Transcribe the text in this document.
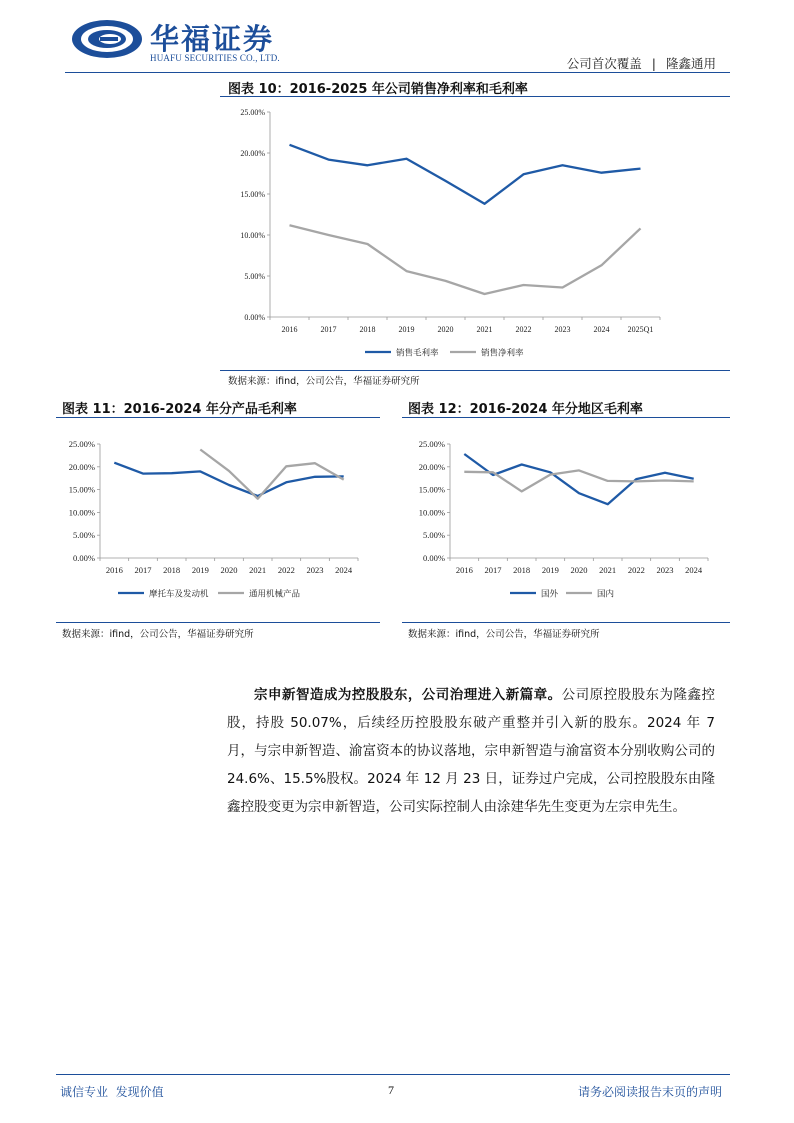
华福证券
HUAFU SECURITIES CO., LTD.	公司首次覆盖 | 隆鑫通用
图表 10：2016-2025 年公司销售净利率和毛利率
0.00%
5.00%
10.00%
15.00%
20.00%
25.00%
2016	2017	2018	2019	2020	2021	2022	2023	2024 2025Q1
销售毛利率	销售净利率
数据来源：ifind，公司公告，华福证券研究所
图表 11：2016-2024 年分产品毛利率
0.00%
5.00%
10.00%
15.00%
20.00%
25.00%
2016 2017 2018 2019 2020 2021 2022 2023 2024
摩托车及发动机	通用机械产品
数据来源：ifind，公司公告，华福证券研究所
图表 12：2016-2024 年分地区毛利率
0.00%
5.00%
10.00%
15.00%
20.00%
25.00%
2016 2017 2018 2019 2020 2021 2022 2023 2024
国外	国内
数据来源：ifind，公司公告，华福证券研究所
宗申新智造成为控股股东，公司治理进入新篇章。公司原控股股东为隆鑫控股，持股 50.07%，后续经历控股股东破产重整并引入新的股东。2024 年 7 月，与宗申新智造、渝富资本的协议落地，宗申新智造与渝富资本分别收购公司的 24.6%、15.5%股权。2024 年 12 月 23 日，证券过户完成，公司控股股东由隆鑫控股变更为宗申新智造，公司实际控制人由涂建华先生变更为左宗申先生。
诚信专业  发现价值	7	请务必阅读报告末页的声明
